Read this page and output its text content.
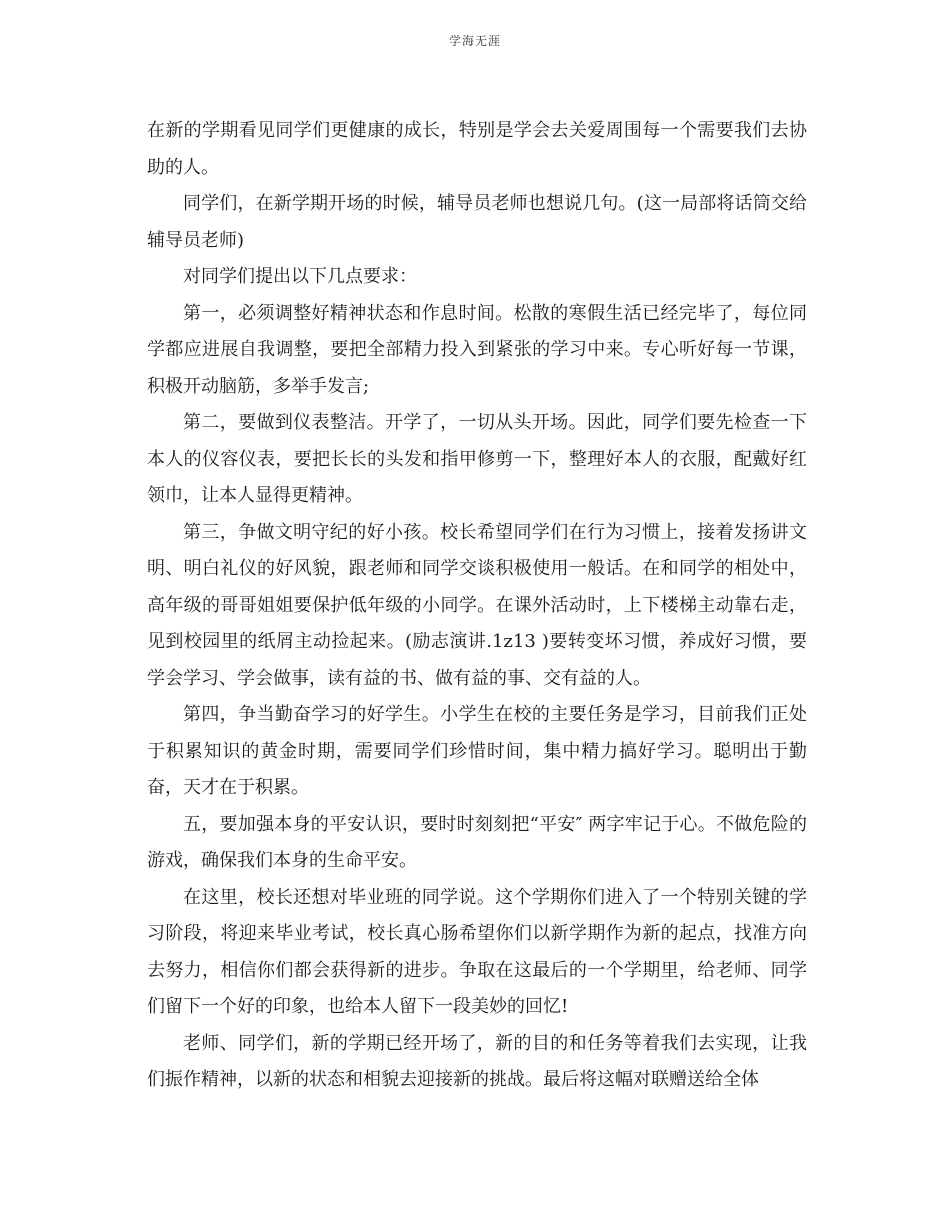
学海无涯

在新的学期看见同学们更健康的成长，特别是学会去关爱周围每一个需要我们去协助的人。

同学们，在新学期开场的时候，辅导员老师也想说几句。(这一局部将话筒交给辅导员老师)

对同学们提出以下几点要求：

第一，必须调整好精神状态和作息时间。松散的寒假生活已经完毕了，每位同学都应进展自我调整，要把全部精力投入到紧张的学习中来。专心听好每一节课，积极开动脑筋，多举手发言;

第二，要做到仪表整洁。开学了，一切从头开场。因此，同学们要先检查一下本人的仪容仪表，要把长长的头发和指甲修剪一下，整理好本人的衣服，配戴好红领巾，让本人显得更精神。

第三，争做文明守纪的好小孩。校长希望同学们在行为习惯上，接着发扬讲文明、明白礼仪的好风貌，跟老师和同学交谈积极使用一般话。在和同学的相处中，高年级的哥哥姐姐要保护低年级的小同学。在课外活动时，上下楼梯主动靠右走，见到校园里的纸屑主动捡起来。(励志演讲.1z13 )要转变坏习惯，养成好习惯，要学会学习、学会做事，读有益的书、做有益的事、交有益的人。

第四，争当勤奋学习的好学生。小学生在校的主要任务是学习，目前我们正处于积累知识的黄金时期，需要同学们珍惜时间，集中精力搞好学习。聪明出于勤奋，天才在于积累。

五，要加强本身的平安认识，要时时刻刻把“平安″ 两字牢记于心。不做危险的游戏，确保我们本身的生命平安。

在这里，校长还想对毕业班的同学说。这个学期你们进入了一个特别关键的学习阶段，将迎来毕业考试，校长真心肠希望你们以新学期作为新的起点，找准方向去努力，相信你们都会获得新的进步。争取在这最后的一个学期里，给老师、同学们留下一个好的印象，也给本人留下一段美妙的回忆!

老师、同学们，新的学期已经开场了，新的目的和任务等着我们去实现，让我们振作精神，以新的状态和相貌去迎接新的挑战。最后将这幅对联赠送给全体
